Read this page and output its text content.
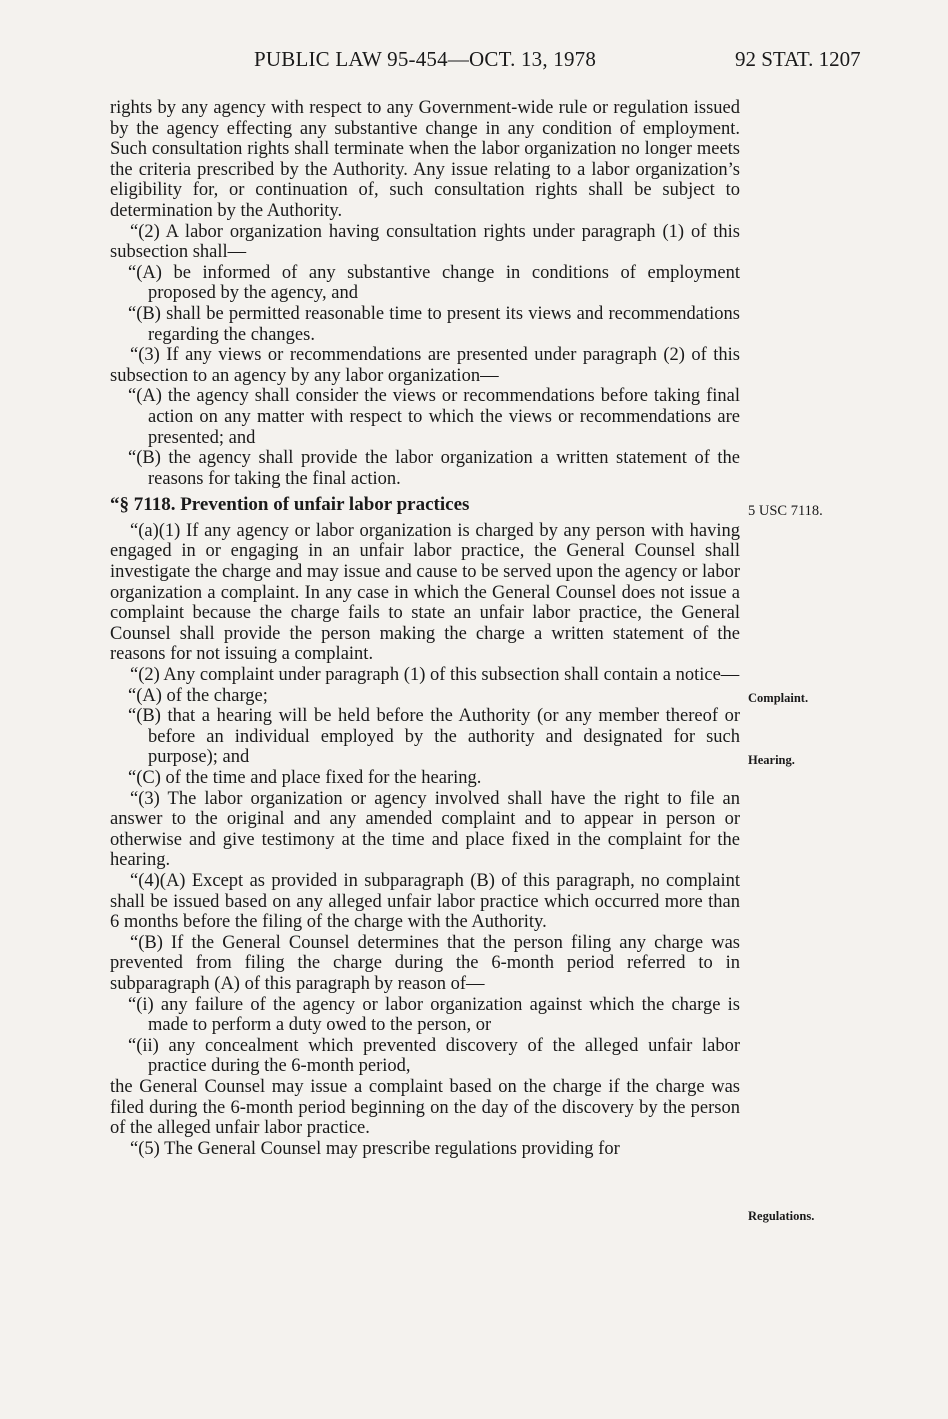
PUBLIC LAW 95-454—OCT. 13, 1978	92 STAT. 1207

rights by any agency with respect to any Government-wide rule or regulation issued by the agency effecting any substantive change in any condition of employment. Such consultation rights shall terminate when the labor organization no longer meets the criteria prescribed by the Authority. Any issue relating to a labor organization’s eligibility for, or continuation of, such consultation rights shall be subject to determination by the Authority.

“(2) A labor organization having consultation rights under paragraph (1) of this subsection shall—

“(A) be informed of any substantive change in conditions of employment proposed by the agency, and

“(B) shall be permitted reasonable time to present its views and recommendations regarding the changes.

“(3) If any views or recommendations are presented under paragraph (2) of this subsection to an agency by any labor organization—

“(A) the agency shall consider the views or recommendations before taking final action on any matter with respect to which the views or recommendations are presented; and

“(B) the agency shall provide the labor organization a written statement of the reasons for taking the final action.

“§ 7118. Prevention of unfair labor practices

“(a)(1) If any agency or labor organization is charged by any person with having engaged in or engaging in an unfair labor practice, the General Counsel shall investigate the charge and may issue and cause to be served upon the agency or labor organization a complaint. In any case in which the General Counsel does not issue a complaint because the charge fails to state an unfair labor practice, the General Counsel shall provide the person making the charge a written statement of the reasons for not issuing a complaint.

“(2) Any complaint under paragraph (1) of this subsection shall contain a notice—

“(A) of the charge;

“(B) that a hearing will be held before the Authority (or any member thereof or before an individual employed by the authority and designated for such purpose); and

“(C) of the time and place fixed for the hearing.

“(3) The labor organization or agency involved shall have the right to file an answer to the original and any amended complaint and to appear in person or otherwise and give testimony at the time and place fixed in the complaint for the hearing.

“(4)(A) Except as provided in subparagraph (B) of this paragraph, no complaint shall be issued based on any alleged unfair labor practice which occurred more than 6 months before the filing of the charge with the Authority.

“(B) If the General Counsel determines that the person filing any charge was prevented from filing the charge during the 6-month period referred to in subparagraph (A) of this paragraph by reason of—

“(i) any failure of the agency or labor organization against which the charge is made to perform a duty owed to the person, or

“(ii) any concealment which prevented discovery of the alleged unfair labor practice during the 6-month period,

the General Counsel may issue a complaint based on the charge if the charge was filed during the 6-month period beginning on the day of the discovery by the person of the alleged unfair labor practice.

“(5) The General Counsel may prescribe regulations providing for

5 USC 7118.
Complaint.
Hearing.
Regulations.
